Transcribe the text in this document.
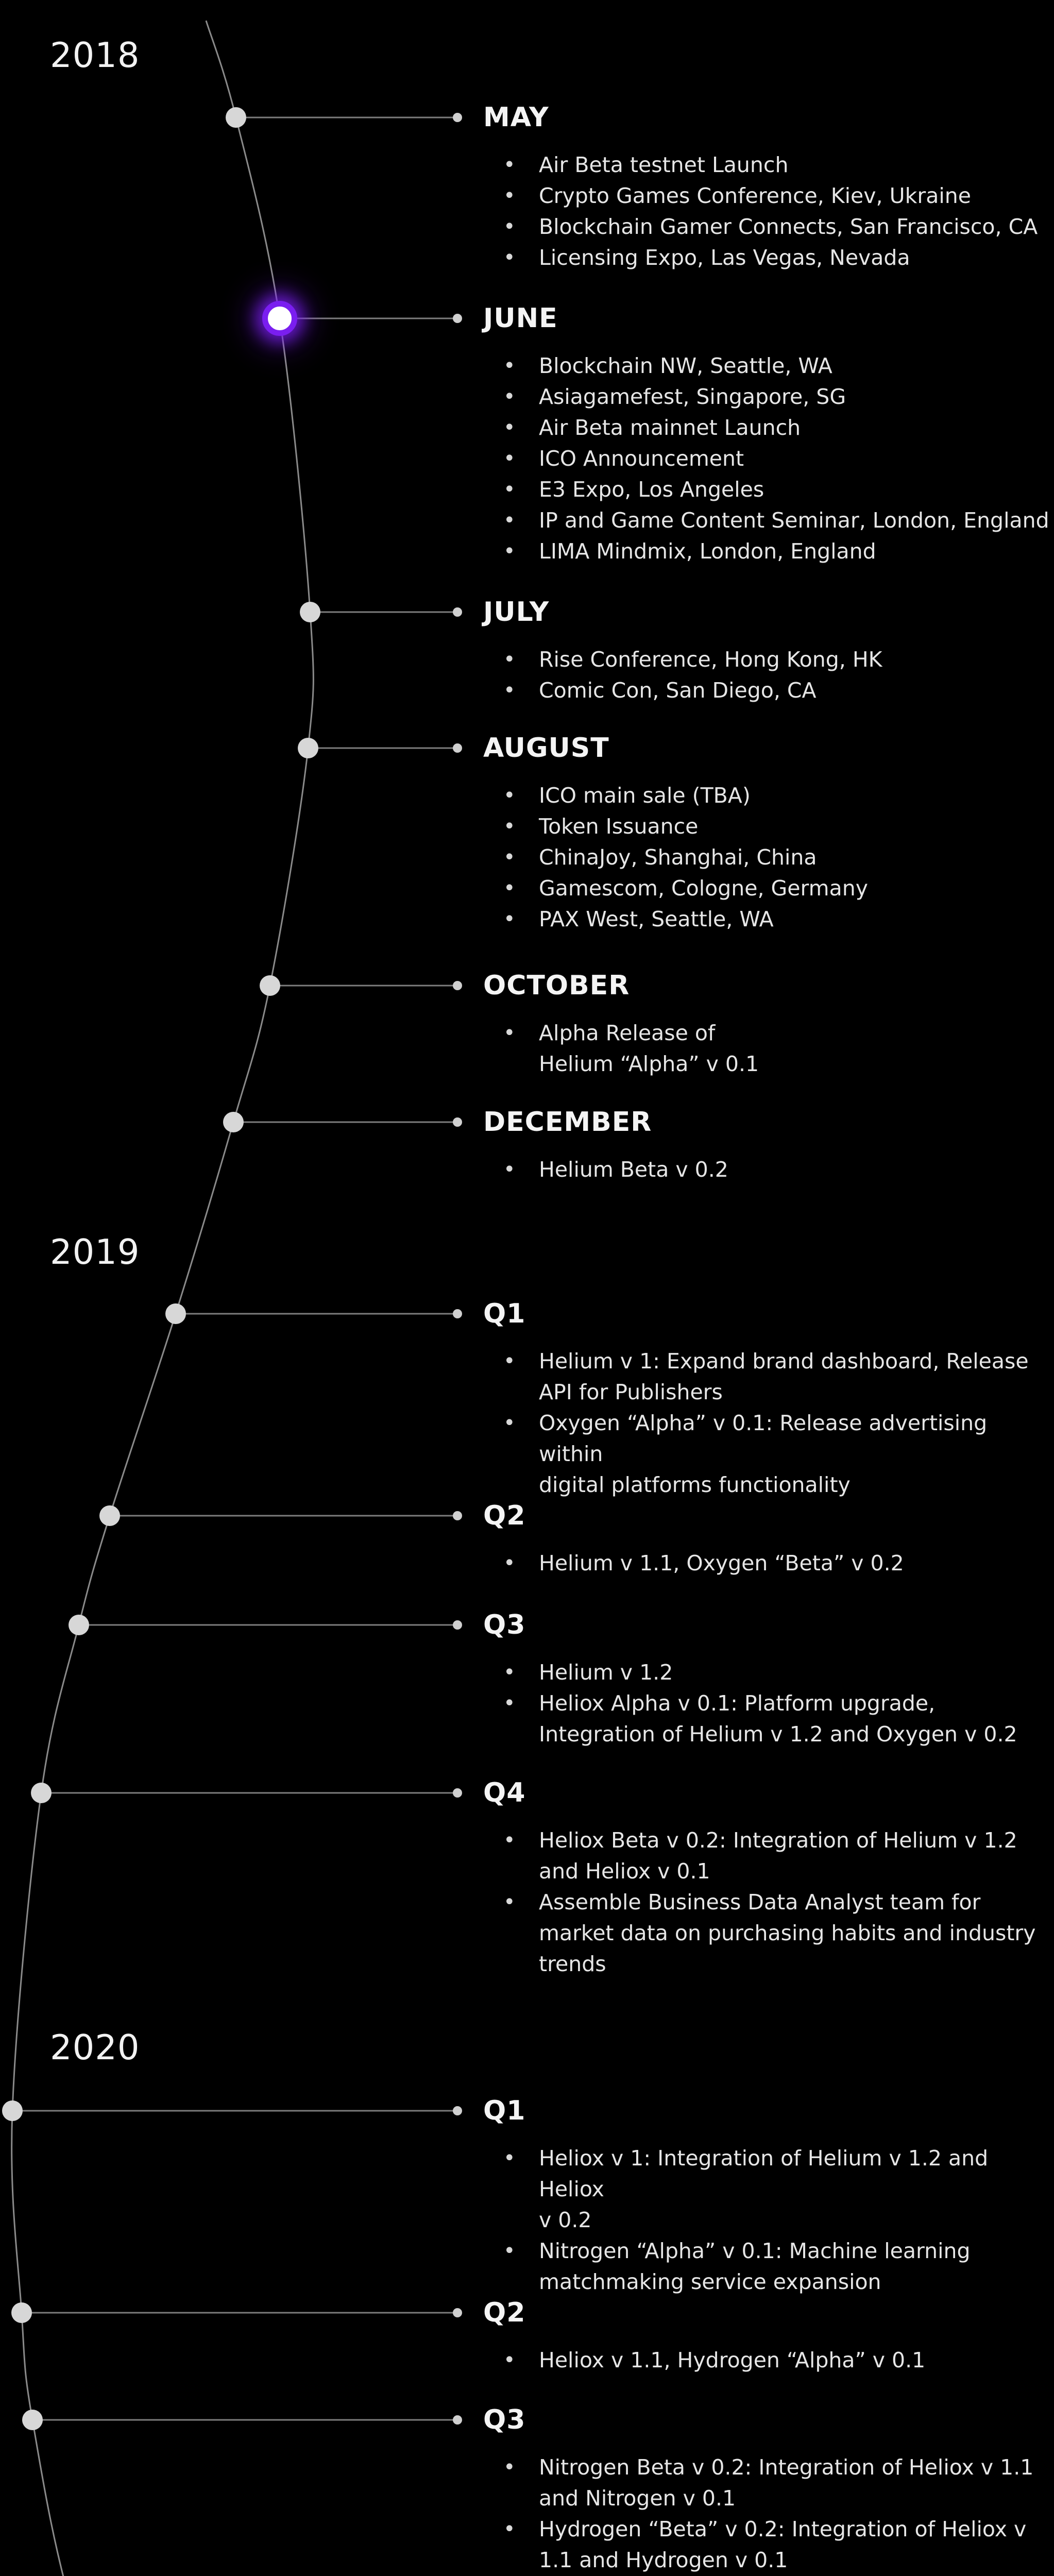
2018
2019
2020
MAY
• Air Beta testnet Launch
• Crypto Games Conference, Kiev, Ukraine
• Blockchain Gamer Connects, San Francisco, CA
• Licensing Expo, Las Vegas, Nevada
JUNE
• Blockchain NW, Seattle, WA
• Asiagamefest, Singapore, SG
• Air Beta mainnet Launch
• ICO Announcement
• E3 Expo, Los Angeles
• IP and Game Content Seminar, London, England
• LIMA Mindmix, London, England
JULY
• Rise Conference, Hong Kong, HK
• Comic Con, San Diego, CA
AUGUST
• ICO main sale (TBA)
• Token Issuance
• ChinaJoy, Shanghai, China
• Gamescom, Cologne, Germany
• PAX West, Seattle, WA
OCTOBER
• Alpha Release of
Helium “Alpha” v 0.1
DECEMBER
• Helium Beta v 0.2
Q1
• Helium v 1: Expand brand dashboard, Release
API for Publishers
• Oxygen “Alpha” v 0.1: Release advertising within
digital platforms functionality
Q2
• Helium v 1.1, Oxygen “Beta” v 0.2
Q3
• Helium v 1.2
• Heliox Alpha v 0.1: Platform upgrade,
Integration of Helium v 1.2 and Oxygen v 0.2
Q4
• Heliox Beta v 0.2: Integration of Helium v 1.2
and Heliox v 0.1
• Assemble Business Data Analyst team for
market data on purchasing habits and industry
trends
Q1
• Heliox v 1: Integration of Helium v 1.2 and Heliox
v 0.2
• Nitrogen “Alpha” v 0.1: Machine learning
matchmaking service expansion
Q2
• Heliox v 1.1, Hydrogen “Alpha” v 0.1
Q3
• Nitrogen Beta v 0.2: Integration of Heliox v 1.1
and Nitrogen v 0.1
• Hydrogen “Beta” v 0.2: Integration of Heliox v
1.1 and Hydrogen v 0.1
